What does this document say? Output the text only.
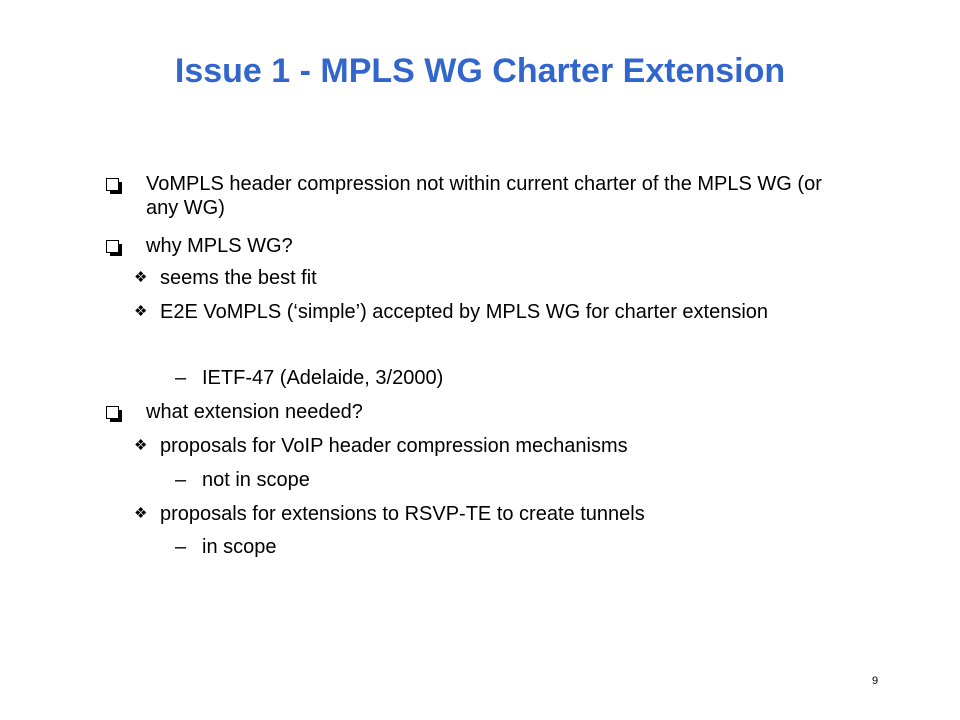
Issue 1 - MPLS WG Charter Extension
VoMPLS header compression not within current charter of the MPLS WG (or any WG)
why MPLS WG?
❖ seems the best fit
❖ E2E VoMPLS (‘simple’) accepted by MPLS WG for charter extension
– IETF-47 (Adelaide, 3/2000)
what extension needed?
❖ proposals for VoIP header compression mechanisms
– not in scope
❖ proposals for extensions to RSVP-TE to create tunnels
– in scope
9
